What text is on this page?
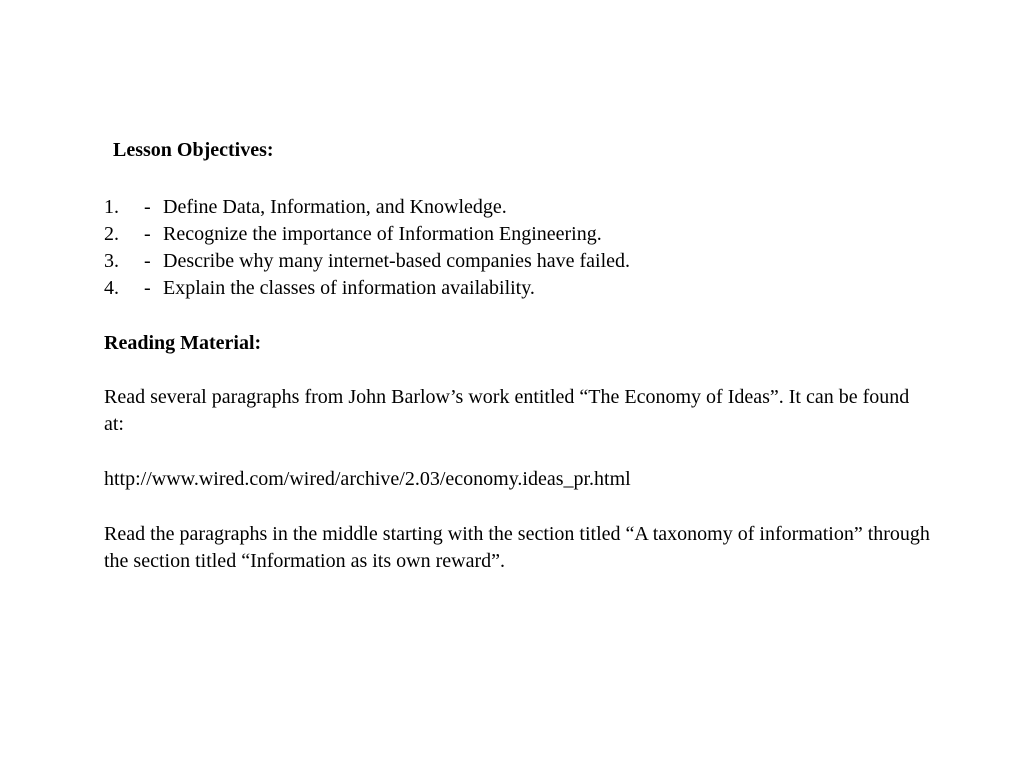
Lesson Objectives:
1. - Define Data, Information, and Knowledge.
2. - Recognize the importance of Information Engineering.
3. - Describe why many internet-based companies have failed.
4. - Explain the classes of information availability.
Reading Material:

Read several paragraphs from John Barlow’s work entitled “The Economy of Ideas”. It can be found at:

http://www.wired.com/wired/archive/2.03/economy.ideas_pr.html

Read the paragraphs in the middle starting with the section titled “A taxonomy of information” through the section titled “Information as its own reward”.
